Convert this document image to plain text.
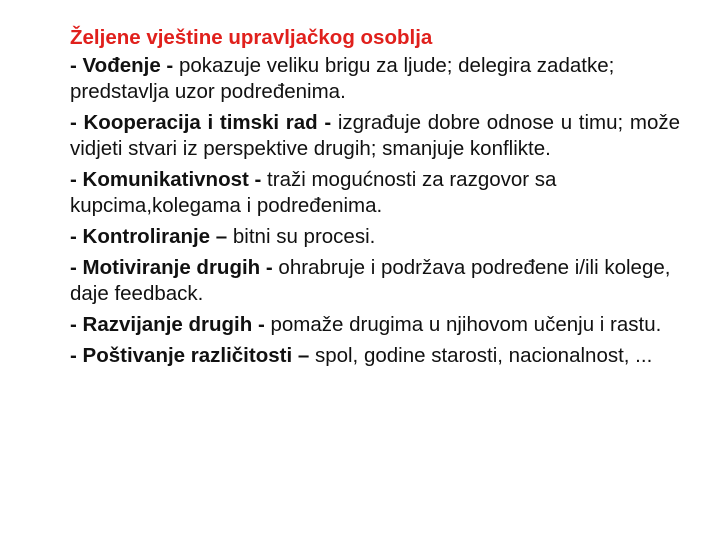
Željene vještine upravljačkog osoblja

- Vođenje - pokazuje veliku brigu za ljude; delegira zadatke; predstavlja uzor podređenima.

- Kooperacija i timski rad - izgrađuje dobre odnose u timu; može vidjeti stvari iz perspektive drugih; smanjuje konflikte.

- Komunikativnost - traži mogućnosti za razgovor sa kupcima,kolegama i podređenima.

- Kontroliranje – bitni su procesi.

- Motiviranje drugih - ohrabruje i podržava podređene i/ili kolege, daje feedback.

- Razvijanje drugih - pomaže drugima u njihovom učenju i rastu.

- Poštivanje različitosti – spol, godine starosti, nacionalnost, ...
